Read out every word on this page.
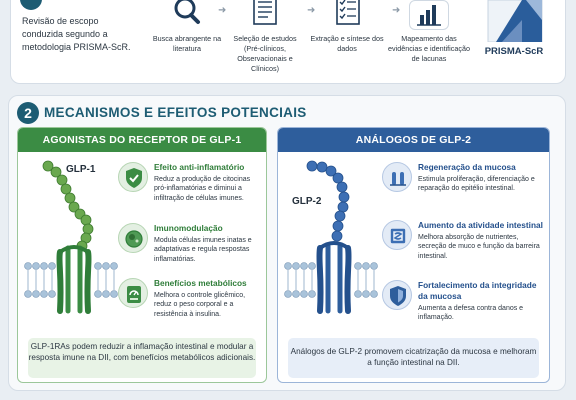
Revisão de escopo conduzida segundo a metodologia PRISMA-ScR.
Busca abrangente na literatura
➜
Seleção de estudos (Pré-clínicos, Observacionais e Clínicos)
➜
Extração e síntese dos dados
➜
Mapeamento das evidências e identificação de lacunas
PRISMA-ScR
2 MECANISMOS E EFEITOS POTENCIAIS
AGONISTAS DO RECEPTOR DE GLP-1
GLP-1	Efeito anti-inflamatório
Reduz a produção de citocinas pró-inflamatórias e diminui a infiltração de células imunes.
Imunomodulação
Modula células imunes inatas e adaptativas e regula respostas inflamatórias.
Benefícios metabólicos
Melhora o controle glicêmico, reduz o peso corporal e a resistência à insulina.
GLP-1RAs podem reduzir a inflamação intestinal e modular a resposta imune na DII, com benefícios metabólicos adicionais.
ANÁLOGOS DE GLP-2
GLP-2
Regeneração da mucosa
Estimula proliferação, diferenciação e reparação do epitélio intestinal.
Aumento da atividade intestinal
Melhora absorção de nutrientes, secreção de muco e função da barreira intestinal.
Fortalecimento da integridade da mucosa
Aumenta a defesa contra danos e inflamação.
Análogos de GLP-2 promovem cicatrização da mucosa e melhoram a função intestinal na DII.
